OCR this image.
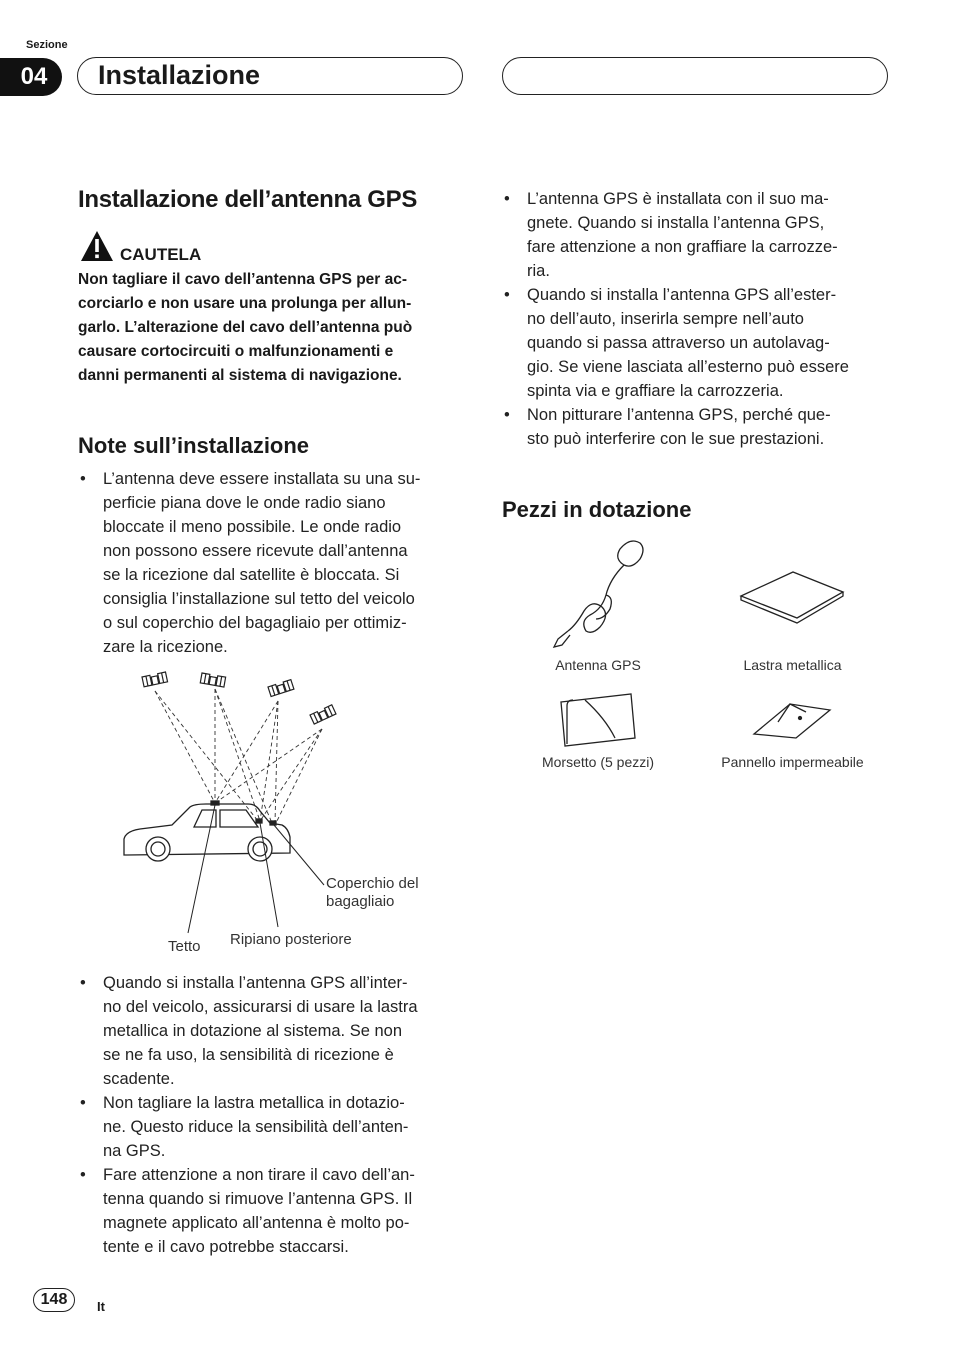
Sezione
04	Installazione
Installazione dell’antenna GPS
CAUTELA
Non tagliare il cavo dell’antenna GPS per ac-
corciarlo e non usare una prolunga per allun-
garlo. L’alterazione del cavo dell’antenna può
causare cortocircuiti o malfunzionamenti e
danni permanenti al sistema di navigazione.
Note sull’installazione
• L’antenna deve essere installata su una su-
perficie piana dove le onde radio siano
bloccate il meno possibile. Le onde radio
non possono essere ricevute dall’antenna
se la ricezione dal satellite è bloccata. Si
consiglia l’installazione sul tetto del veicolo
o sul coperchio del bagagliaio per ottimiz-
zare la ricezione.
Coperchio del
bagagliaio
Tetto Ripiano posteriore
• Quando si installa l’antenna GPS all’inter-
no del veicolo, assicurarsi di usare la lastra
metallica in dotazione al sistema. Se non
se ne fa uso, la sensibilità di ricezione è
scadente.
• Non tagliare la lastra metallica in dotazio-
ne. Questo riduce la sensibilità dell’anten-
na GPS.
• Fare attenzione a non tirare il cavo dell’an-
tenna quando si rimuove l’antenna GPS. Il
magnete applicato all’antenna è molto po-
tente e il cavo potrebbe staccarsi.
• L’antenna GPS è installata con il suo ma-
gnete. Quando si installa l’antenna GPS,
fare attenzione a non graffiare la carrozze-
ria.
• Quando si installa l’antenna GPS all’ester-
no dell’auto, inserirla sempre nell’auto
quando si passa attraverso un autolavag-
gio. Se viene lasciata all’esterno può essere
spinta via e graffiare la carrozzeria.
• Non pitturare l’antenna GPS, perché que-
sto può interferire con le sue prestazioni.
Pezzi in dotazione
Antenna GPS	Lastra metallica
Morsetto (5 pezzi)	Pannello impermeabile
148	It
